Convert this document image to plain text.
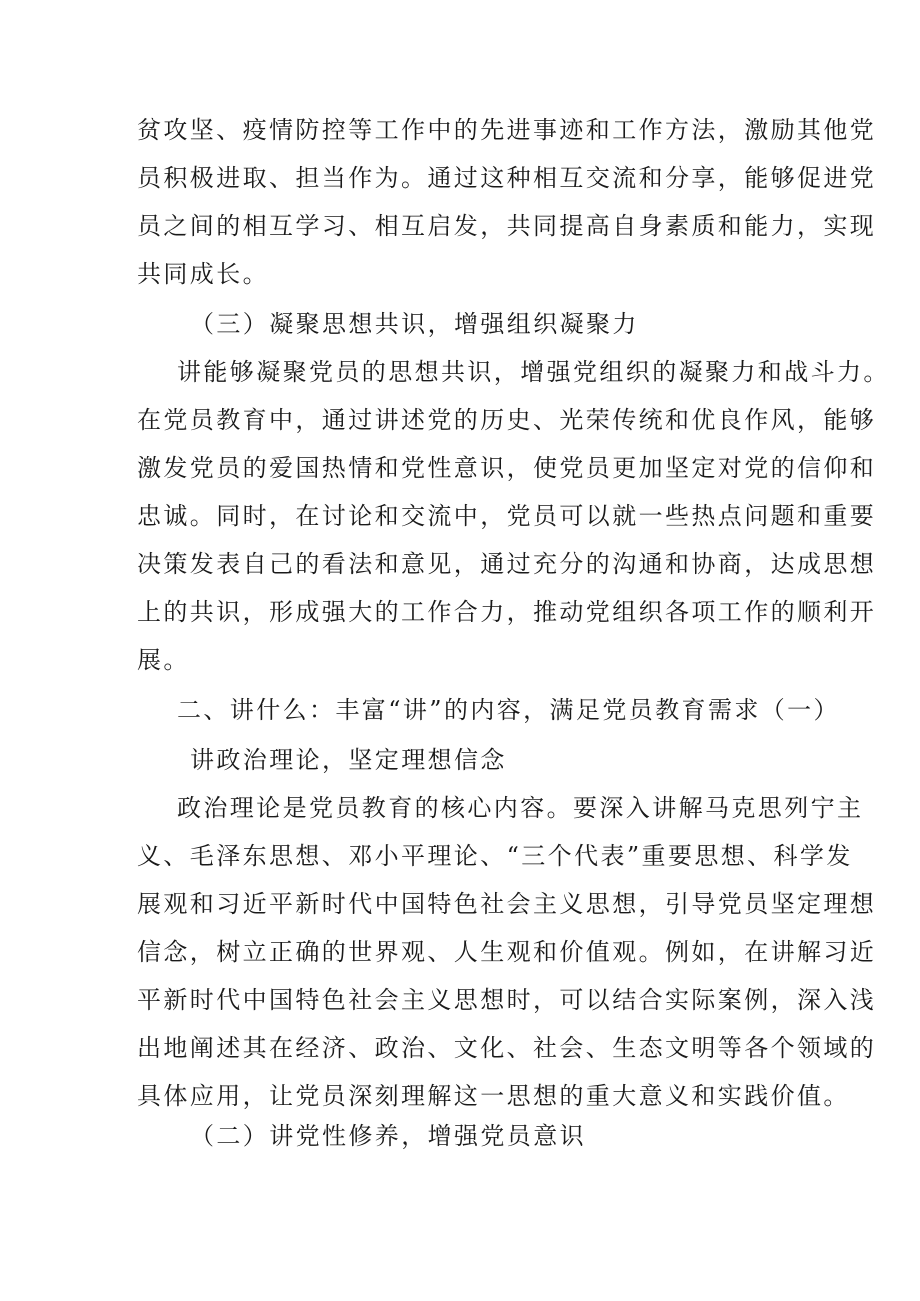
贫攻坚、疫情防控等工作中的先进事迹和工作方法，激励其他党

员积极进取、担当作为。通过这种相互交流和分享，能够促进党

员之间的相互学习、相互启发，共同提高自身素质和能力，实现

共同成长。

（三）凝聚思想共识，增强组织凝聚力

讲能够凝聚党员的思想共识，增强党组织的凝聚力和战斗力。

在党员教育中，通过讲述党的历史、光荣传统和优良作风，能够

激发党员的爱国热情和党性意识，使党员更加坚定对党的信仰和

忠诚。同时，在讨论和交流中，党员可以就一些热点问题和重要

决策发表自己的看法和意见，通过充分的沟通和协商，达成思想

上的共识，形成强大的工作合力，推动党组织各项工作的顺利开

展。

二、讲什么：丰富“讲”的内容，满足党员教育需求（一）

讲政治理论，坚定理想信念

政治理论是党员教育的核心内容。要深入讲解马克思列宁主

义、毛泽东思想、邓小平理论、“三个代表”重要思想、科学发

展观和习近平新时代中国特色社会主义思想，引导党员坚定理想

信念，树立正确的世界观、人生观和价值观。例如，在讲解习近

平新时代中国特色社会主义思想时，可以结合实际案例，深入浅

出地阐述其在经济、政治、文化、社会、生态文明等各个领域的

具体应用，让党员深刻理解这一思想的重大意义和实践价值。

（二）讲党性修养，增强党员意识
